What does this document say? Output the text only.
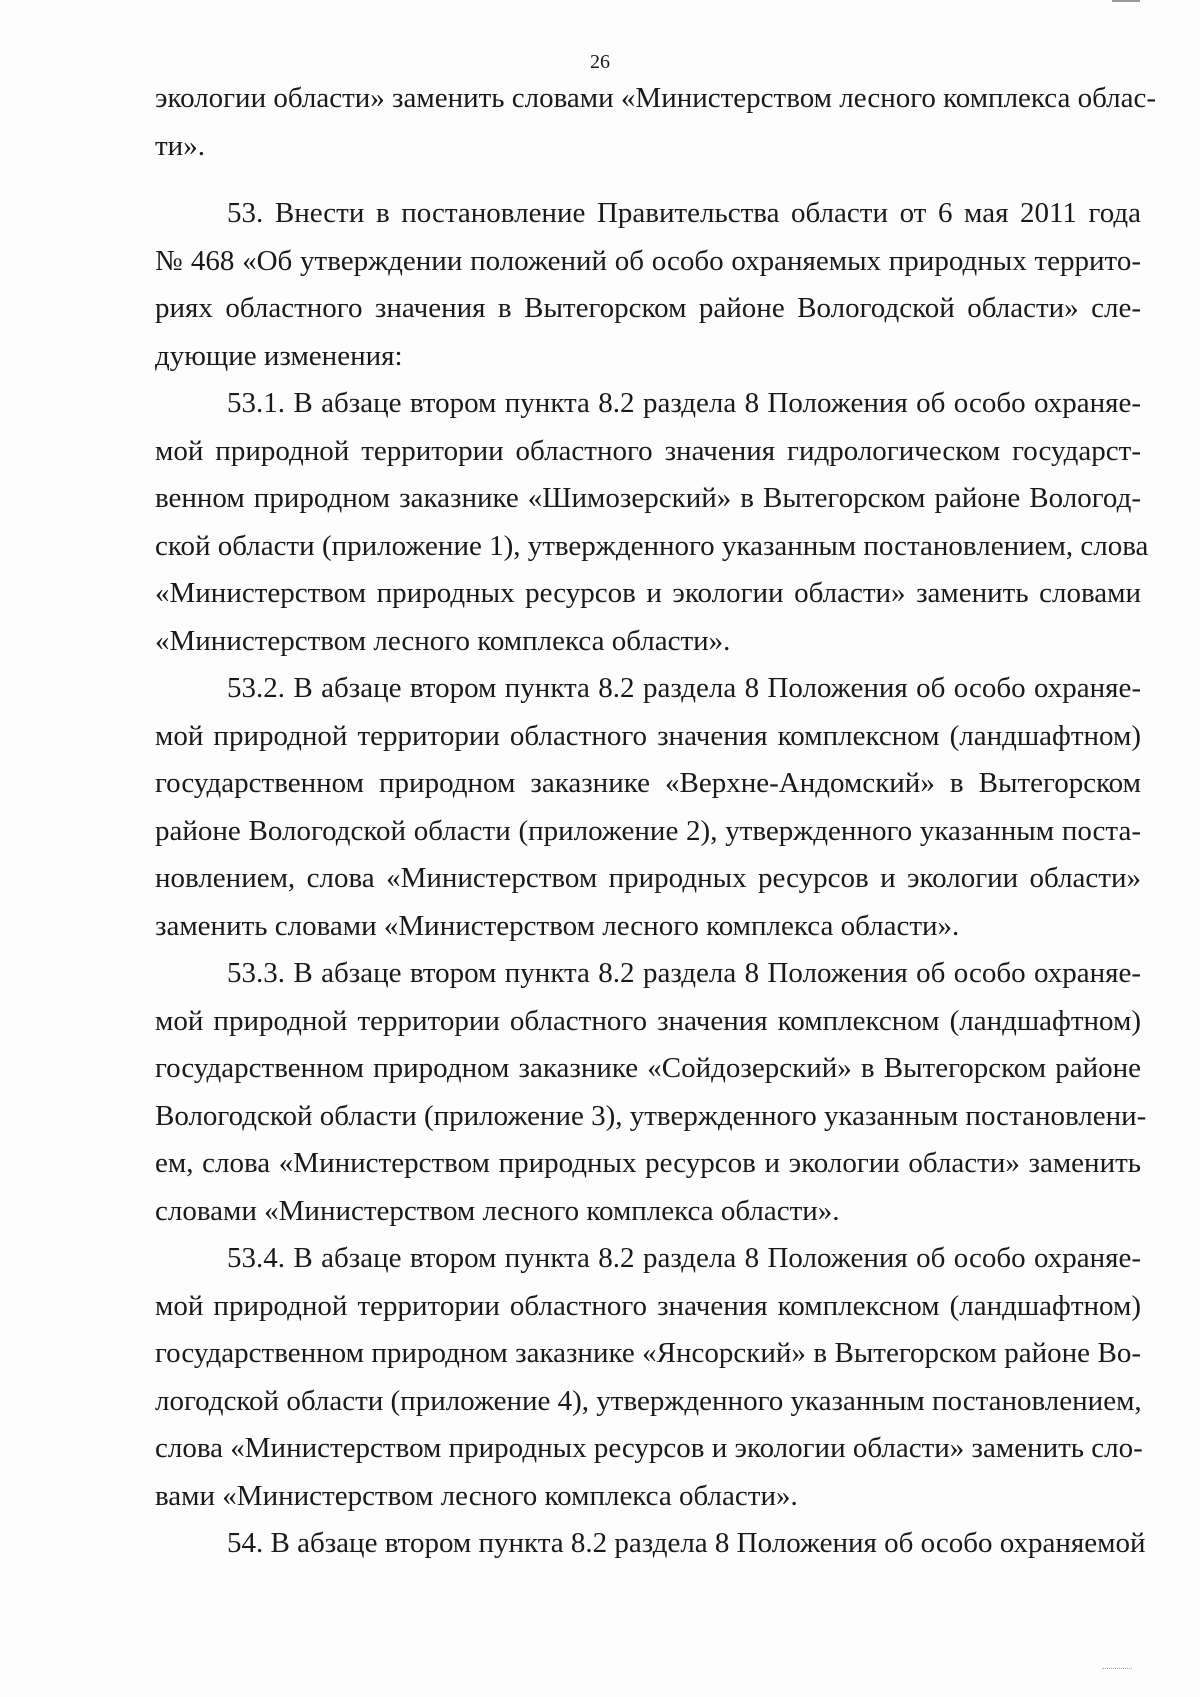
26
экологии области» заменить словами «Министерством лесного комплекса облас-
ти».
53. Внести в постановление Правительства области от 6 мая 2011 года
№ 468 «Об утверждении положений об особо охраняемых природных террито-
риях областного значения в Вытегорском районе Вологодской области» сле-
дующие изменения:
53.1. В абзаце втором пункта 8.2 раздела 8 Положения об особо охраняе-
мой природной территории областного значения гидрологическом государст-
венном природном заказнике «Шимозерский» в Вытегорском районе Вологод-
ской области (приложение 1), утвержденного указанным постановлением, слова
«Министерством природных ресурсов и экологии области» заменить словами
«Министерством лесного комплекса области».
53.2. В абзаце втором пункта 8.2 раздела 8 Положения об особо охраняе-
мой природной территории областного значения комплексном (ландшафтном)
государственном природном заказнике «Верхне-Андомский» в Вытегорском
районе Вологодской области (приложение 2), утвержденного указанным поста-
новлением, слова «Министерством природных ресурсов и экологии области»
заменить словами «Министерством лесного комплекса области».
53.3. В абзаце втором пункта 8.2 раздела 8 Положения об особо охраняе-
мой природной территории областного значения комплексном (ландшафтном)
государственном природном заказнике «Сойдозерский» в Вытегорском районе
Вологодской области (приложение 3), утвержденного указанным постановлени-
ем, слова «Министерством природных ресурсов и экологии области» заменить
словами «Министерством лесного комплекса области».
53.4. В абзаце втором пункта 8.2 раздела 8 Положения об особо охраняе-
мой природной территории областного значения комплексном (ландшафтном)
государственном природном заказнике «Янсорский» в Вытегорском районе Во-
логодской области (приложение 4), утвержденного указанным постановлением,
слова «Министерством природных ресурсов и экологии области» заменить сло-
вами «Министерством лесного комплекса области».
54. В абзаце втором пункта 8.2 раздела 8 Положения об особо охраняемой
